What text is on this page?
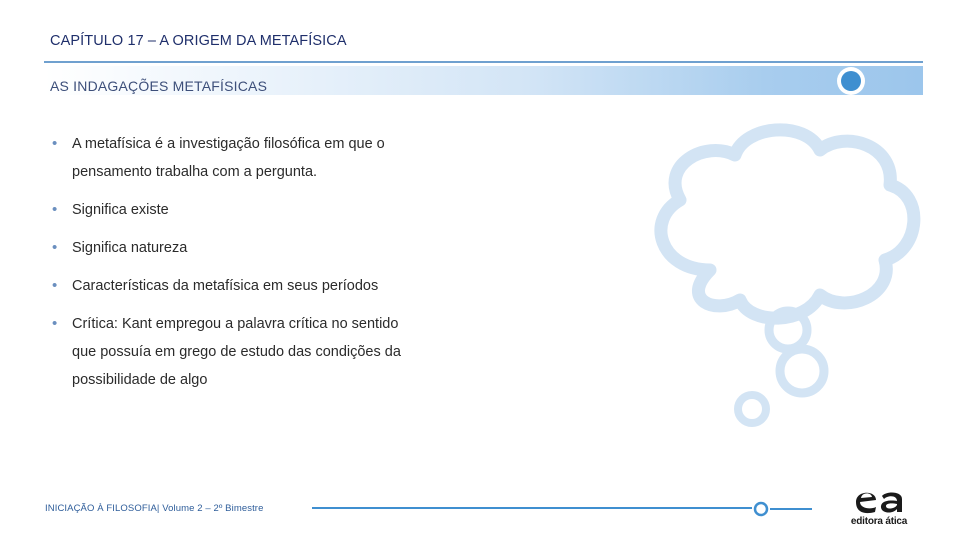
CAPÍTULO 17 – A ORIGEM DA METAFÍSICA
AS INDAGAÇÕES METAFÍSICAS
• A metafísica é a investigação filosófica em que o
pensamento trabalha com a pergunta.
• Significa existe
• Significa natureza
• Características da metafísica em seus períodos
• Crítica: Kant empregou a palavra crítica no sentido
que possuía em grego de estudo das condições da
possibilidade de algo
INICIAÇÃO À FILOSOFIA| Volume 2 – 2º Bimestre
editora ática
